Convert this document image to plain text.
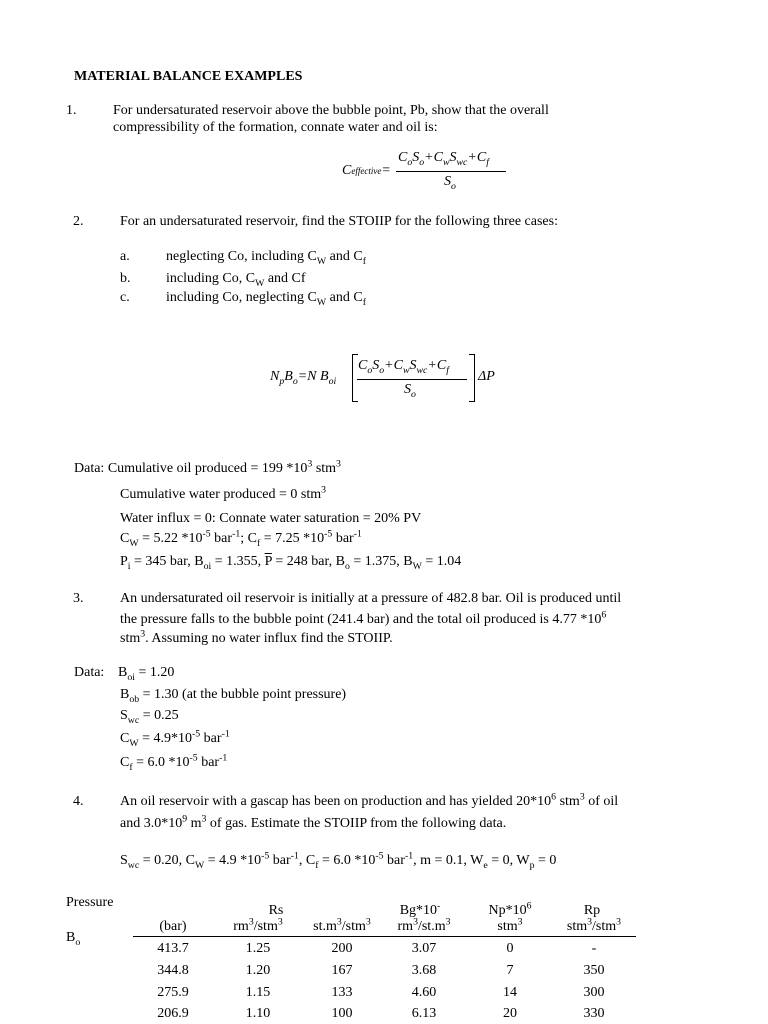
MATERIAL BALANCE EXAMPLES
1.	For undersaturated reservoir above the bubble point, Pb, show that the overall
compressibility of the formation, connate water and oil is:
Ceffective=
$C_oS_o+C_wS_{wc}+C_f$
$S_o$
2.	For an undersaturated reservoir, find the STOIIP for the following three cases:
a.	neglecting Co, including $C_W$ and $C_f$
b.	including Co, $C_W$ and Cf
c.	including Co, neglecting $C_W$ and $C_f$
$N_pB_o=N$ $B_{oi}$
$C_oS_o+C_wS_{wc}+C_f$
$S_o$
ΔP
Data: Cumulative oil produced = 199 $*10^3$ stm$^3$
Cumulative water produced = 0 stm$^3$
Water influx = 0: Connate water saturation = 20% PV
$C_W = 5.22$ $*10^{-5}$ bar$^{-1}$; $C_f = 7.25$ $*10^{-5}$ bar$^{-1}$
$P_i = 345$ bar, $B_{oi} = 1.355$, $\overline{P} = 248$ bar, $B_o = 1.375$, $B_W = 1.04$
3.	An undersaturated oil reservoir is initially at a pressure of 482.8 bar. Oil is produced until
the pressure falls to the bubble point (241.4 bar) and the total oil produced is 4.77 $*10^6$
stm$^3$. Assuming no water influx find the STOIIP.
Data: $B_{oi} = 1.20$
$B_{ob} = 1.30$ (at the bubble point pressure)
$S_{wc} = 0.25$
$C_W = 4.9*10^{-5}$ bar$^{-1}$
$C_f = 6.0$ $*10^{-5}$ bar$^{-1}$
4.	An oil reservoir with a gascap has been on production and has yielded $20*10^6$ stm$^3$ of oil
and $3.0*10^9$ $m^3$ of gas. Estimate the STOIIP from the following data.
$S_{wc} = 0.20$, $C_W = 4.9$ $*10^{-5}$ bar$^{-1}$, $C_f = 6.0$ $*10^{-5}$ bar$^{-1}$, m = 0.1, $W_e = 0$, $W_p = 0$
Pressure
$B_o$
Rs	Bg*10-	$Np*10^6$	Rp
(bar)	$rm^3/stm^3$	$st.m^3/stm^3$	$rm^3/st.m^3$	stm$^3$	stm$^3$/stm$^3$
413.7	1.25	200	3.07	0	-
344.8	1.20	167	3.68	7	350
275.9	1.15	133	4.60	14	300
206.9	1.10	100	6.13	20	330
